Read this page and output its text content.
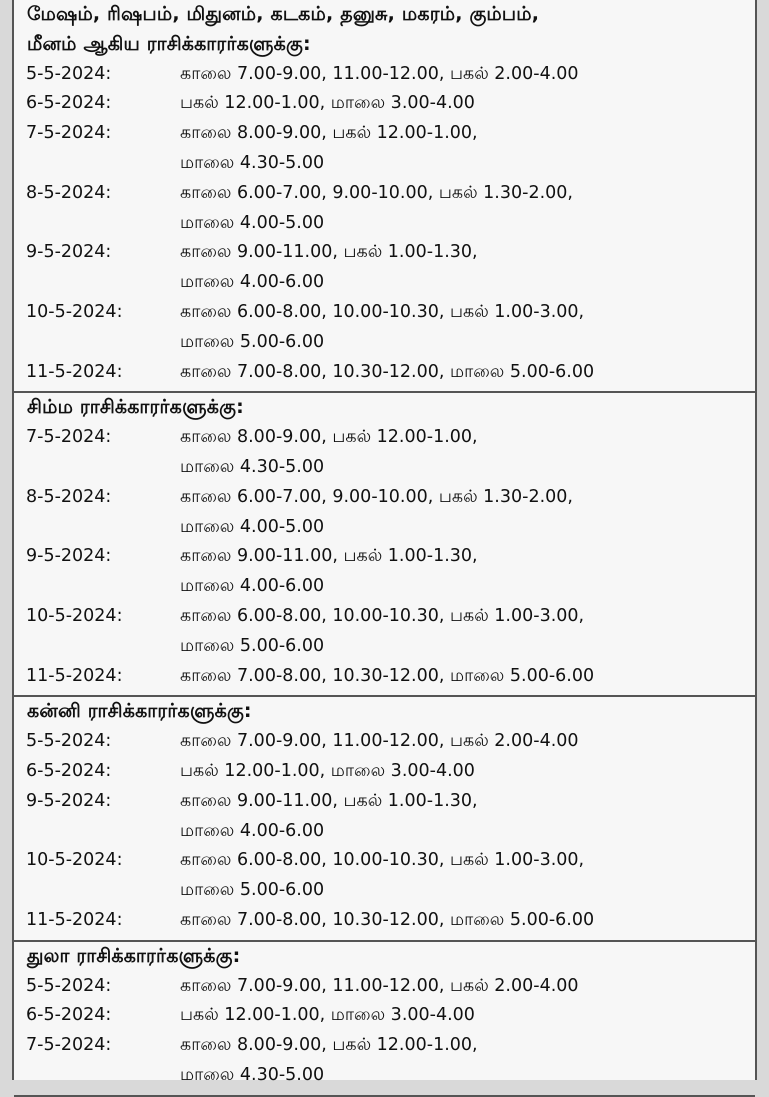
மேஷம், ரிஷபம், மிதுனம், கடகம், தனுசு, மகரம், கும்பம்,
மீனம் ஆகிய ராசிக்காரர்களுக்கு:
5-5-2024:	காலை 7.00-9.00, 11.00-12.00, பகல் 2.00-4.00
6-5-2024:	பகல் 12.00-1.00, மாலை 3.00-4.00
7-5-2024:	காலை 8.00-9.00, பகல் 12.00-1.00,
மாலை 4.30-5.00
8-5-2024:	காலை 6.00-7.00, 9.00-10.00, பகல் 1.30-2.00,
மாலை 4.00-5.00
9-5-2024:	காலை 9.00-11.00, பகல் 1.00-1.30,
மாலை 4.00-6.00
10-5-2024:	காலை 6.00-8.00, 10.00-10.30, பகல் 1.00-3.00,
மாலை 5.00-6.00
11-5-2024:	காலை 7.00-8.00, 10.30-12.00, மாலை 5.00-6.00
சிம்ம ராசிக்காரர்களுக்கு:
7-5-2024:	காலை 8.00-9.00, பகல் 12.00-1.00,
மாலை 4.30-5.00
8-5-2024:	காலை 6.00-7.00, 9.00-10.00, பகல் 1.30-2.00,
மாலை 4.00-5.00
9-5-2024:	காலை 9.00-11.00, பகல் 1.00-1.30,
மாலை 4.00-6.00
10-5-2024:	காலை 6.00-8.00, 10.00-10.30, பகல் 1.00-3.00,
மாலை 5.00-6.00
11-5-2024:	காலை 7.00-8.00, 10.30-12.00, மாலை 5.00-6.00
கன்னி ராசிக்காரர்களுக்கு:
5-5-2024:	காலை 7.00-9.00, 11.00-12.00, பகல் 2.00-4.00
6-5-2024:	பகல் 12.00-1.00, மாலை 3.00-4.00
9-5-2024:	காலை 9.00-11.00, பகல் 1.00-1.30,
மாலை 4.00-6.00
10-5-2024:	காலை 6.00-8.00, 10.00-10.30, பகல் 1.00-3.00,
மாலை 5.00-6.00
11-5-2024:	காலை 7.00-8.00, 10.30-12.00, மாலை 5.00-6.00
துலா ராசிக்காரர்களுக்கு:
5-5-2024:	காலை 7.00-9.00, 11.00-12.00, பகல் 2.00-4.00
6-5-2024:	பகல் 12.00-1.00, மாலை 3.00-4.00
7-5-2024:	காலை 8.00-9.00, பகல் 12.00-1.00,
மாலை 4.30-5.00
